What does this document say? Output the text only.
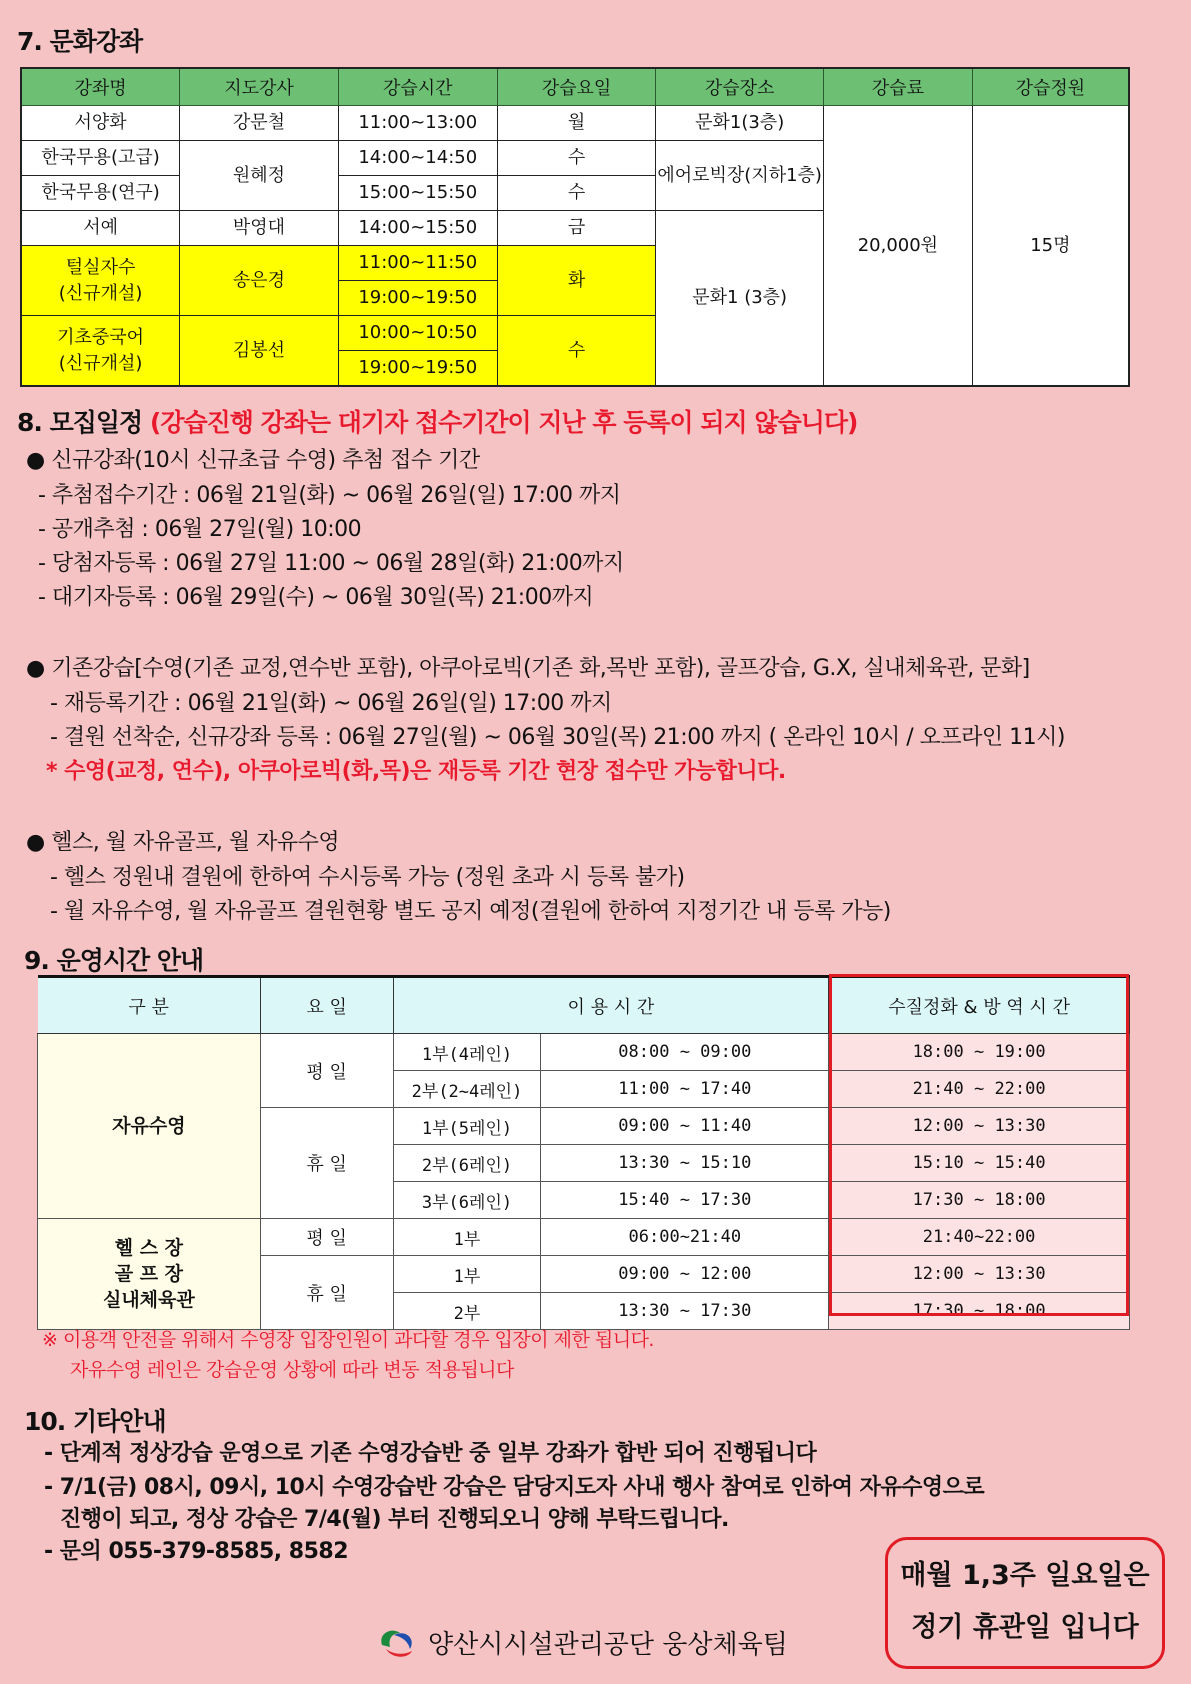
7. 문화강좌
강좌명	지도강사	강습시간	강습요일	강습장소	강습료	강습정원
서양화	강문철	11:00~13:00	월	문화1(3층)	20,000원	15명
한국무용(고급)	원혜정	14:00~14:50	수	에어로빅장(지하1층)		
한국무용(연구)		15:00~15:50	수			
서예	박영대	14:00~15:50	금	문화1 (3층)		
털실자수
(신규개설)	송은경	11:00~11:50	화			
		19:00~19:50				
기초중국어
(신규개설)	김봉선	10:00~10:50	수			
		19:00~19:50				
8. 모집일정 (강습진행 강좌는 대기자 접수기간이 지난 후 등록이 되지 않습니다)
● 신규강좌(10시 신규초급 수영) 추첨 접수 기간
- 추첨접수기간 : 06월 21일(화) ~ 06월 26일(일) 17:00 까지
- 공개추첨 : 06월 27일(월) 10:00
- 당첨자등록 : 06월 27일 11:00 ~ 06월 28일(화) 21:00까지
- 대기자등록 : 06월 29일(수) ~ 06월 30일(목) 21:00까지
● 기존강습[수영(기존 교정,연수반 포함), 아쿠아로빅(기존 화,목반 포함), 골프강습, G.X, 실내체육관, 문화]
- 재등록기간 : 06월 21일(화) ~ 06월 26일(일) 17:00 까지
- 결원 선착순, 신규강좌 등록 : 06월 27일(월) ~ 06월 30일(목) 21:00 까지 ( 온라인 10시 / 오프라인 11시)
* 수영(교정, 연수), 아쿠아로빅(화,목)은 재등록 기간 현장 접수만 가능합니다.
● 헬스, 월 자유골프, 월 자유수영
- 헬스 정원내 결원에 한하여 수시등록 가능 (정원 초과 시 등록 불가)
- 월 자유수영, 월 자유골프 결원현황 별도 공지 예정(결원에 한하여 지정기간 내 등록 가능)
9. 운영시간 안내
구 분	요 일	이 용 시 간		수질정화 & 방 역 시 간
자유수영	평 일	1부(4레인)	08:00 ~ 09:00	18:00 ~ 19:00
		2부(2~4레인)	11:00 ~ 17:40	21:40 ~ 22:00
	휴 일	1부(5레인)	09:00 ~ 11:40	12:00 ~ 13:30
		2부(6레인)	13:30 ~ 15:10	15:10 ~ 15:40
		3부(6레인)	15:40 ~ 17:30	17:30 ~ 18:00
헬 스 장
골 프 장
실내체육관	평 일	1부	06:00~21:40	21:40~22:00
	휴 일	1부	09:00 ~ 12:00	12:00 ~ 13:30
		2부	13:30 ~ 17:30	17:30 ~ 18:00
※ 이용객 안전을 위해서 수영장 입장인원이 과다할 경우 입장이 제한 됩니다.
자유수영 레인은 강습운영 상황에 따라 변동 적용됩니다
10. 기타안내
- 단계적 정상강습 운영으로 기존 수영강습반 중 일부 강좌가 합반 되어 진행됩니다
- 7/1(금) 08시, 09시, 10시 수영강습반 강습은 담당지도자 사내 행사 참여로 인하여 자유수영으로
진행이 되고, 정상 강습은 7/4(월) 부터 진행되오니 양해 부탁드립니다.
- 문의 055-379-8585, 8582
매월 1,3주 일요일은
정기 휴관일 입니다
양산시시설관리공단 웅상체육팀
